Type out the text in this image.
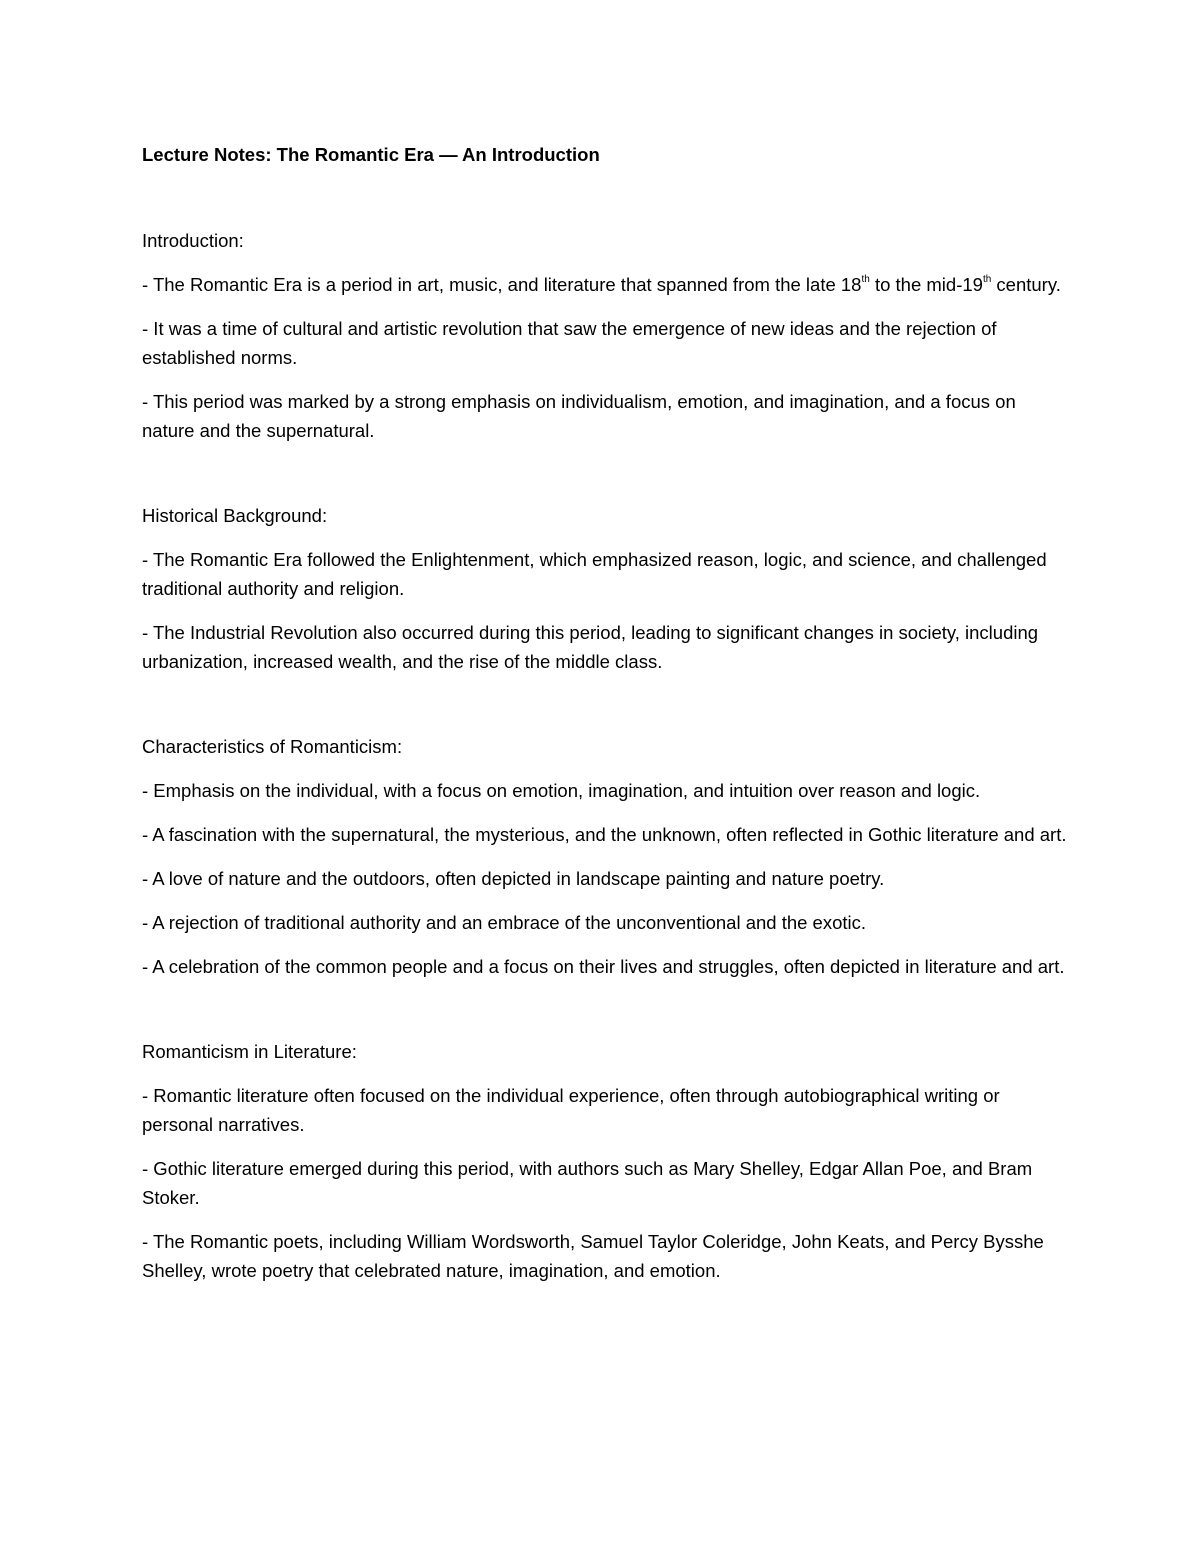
Lecture Notes: The Romantic Era — An Introduction
Introduction:
- The Romantic Era is a period in art, music, and literature that spanned from the late 18th to the mid-19th century.
- It was a time of cultural and artistic revolution that saw the emergence of new ideas and the rejection of established norms.
- This period was marked by a strong emphasis on individualism, emotion, and imagination, and a focus on nature and the supernatural.
Historical Background:
- The Romantic Era followed the Enlightenment, which emphasized reason, logic, and science, and challenged traditional authority and religion.
- The Industrial Revolution also occurred during this period, leading to significant changes in society, including urbanization, increased wealth, and the rise of the middle class.
Characteristics of Romanticism:
- Emphasis on the individual, with a focus on emotion, imagination, and intuition over reason and logic.
- A fascination with the supernatural, the mysterious, and the unknown, often reflected in Gothic literature and art.
- A love of nature and the outdoors, often depicted in landscape painting and nature poetry.
- A rejection of traditional authority and an embrace of the unconventional and the exotic.
- A celebration of the common people and a focus on their lives and struggles, often depicted in literature and art.
Romanticism in Literature:
- Romantic literature often focused on the individual experience, often through autobiographical writing or personal narratives.
- Gothic literature emerged during this period, with authors such as Mary Shelley, Edgar Allan Poe, and Bram Stoker.
- The Romantic poets, including William Wordsworth, Samuel Taylor Coleridge, John Keats, and Percy Bysshe Shelley, wrote poetry that celebrated nature, imagination, and emotion.
